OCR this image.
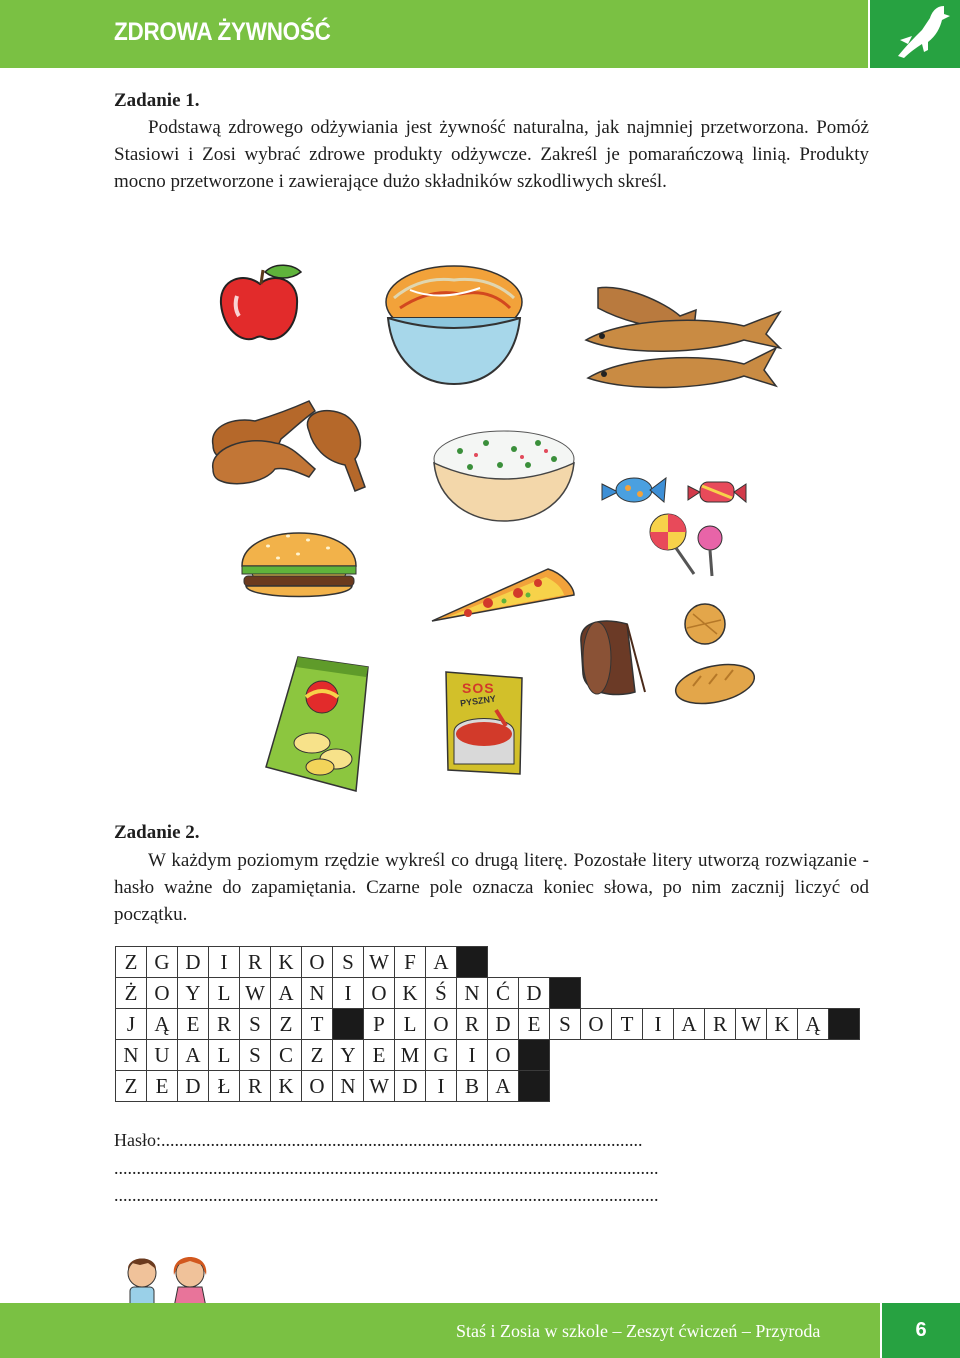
ZDROWA ŻYWNOŚĆ
Zadanie 1.
Podstawą zdrowego odżywiania jest żywność naturalna, jak najmniej przetworzona. Pomóż Stasiowi i Zosi wybrać zdrowe produkty odżywcze. Zakreśl je pomarańczową linią. Produkty mocno przetworzone i zawierające dużo składników szkodliwych skreśl.
SOS
PYSZNY
Zadanie 2.
W każdym poziomym rzędzie wykreśl co drugą literę. Pozostałe litery utworzą rozwiązanie - hasło ważne do zapamiętania. Czarne pole oznacza koniec słowa, po nim zacznij liczyć od początku.
Z G D I R K O S W F A
Ż O Y L W A N I O K Ś N Ć D
J Ą E R S Z T	P L O R D E S O T	I A R W K Ą
N U A L S C Z Y E M G I O
Z E D Ł R K O N W D I B A
Hasło:...........................................................................................................
.........................................................................................................................
.........................................................................................................................
Staś i Zosia w szkole – Zeszyt ćwiczeń – Przyroda	6
